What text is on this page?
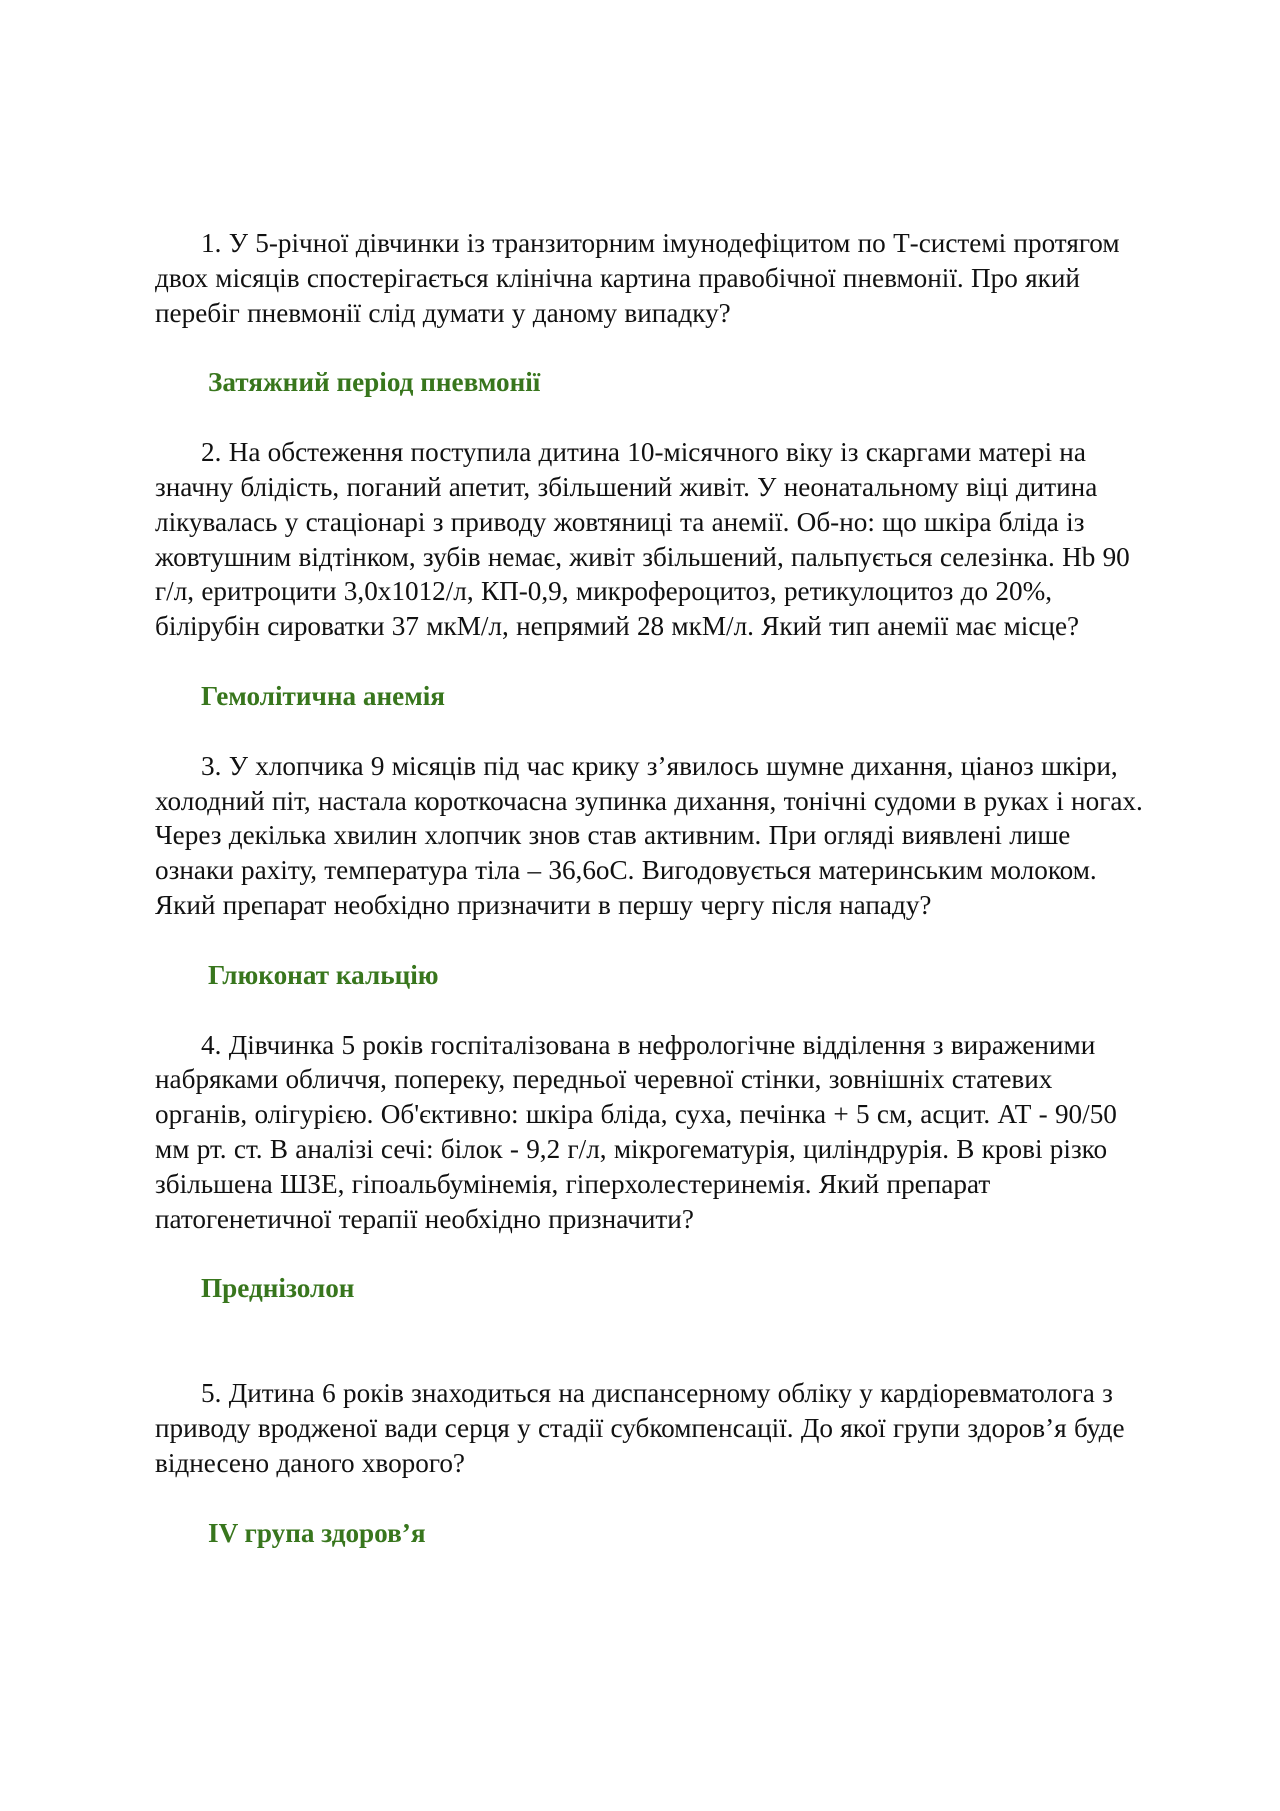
1. У 5-річної дівчинки із транзиторним імунодефіцитом по Т-системі протягом двох місяців спостерігається клінічна картина правобічної пневмонії. Про який перебіг пневмонії слід думати у даному випадку?

Затяжний період пневмонії

2. На обстеження поступила дитина 10-місячного віку із скаргами матері на значну блідість, поганий апетит, збільшений живіт. У неонатальному віці дитина лікувалась у стаціонарі з приводу жовтяниці та анемії. Об-но: що шкіра бліда із жовтушним відтінком, зубів немає, живіт збільшений, пальпується селезінка. Hb 90 г/л, еритроцити 3,0х1012/л, КП-0,9, микрофероцитоз, ретикулоцитоз до 20%, білірубін сироватки 37 мкМ/л, непрямий 28 мкМ/л. Який тип анемії має місце?

Гемолітична анемія

3. У хлопчика 9 місяців під час крику з’явилось шумне дихання, ціаноз шкіри, холодний піт, настала короткочасна зупинка дихання, тонічні судоми в руках і ногах. Через декілька хвилин хлопчик знов став активним. При огляді виявлені лише ознаки рахіту, температура тіла – 36,6оС. Вигодовується материнським молоком. Який препарат необхідно призначити в першу чергу після нападу?

Глюконат кальцію

4. Дівчинка 5 років госпіталізована в нефрологічне відділення з вираженими набряками обличчя, попереку, передньої черевної стінки, зовнішніх статевих органів, олігурією. Об'єктивно: шкіра бліда, суха, печінка + 5 см, асцит. АТ - 90/50 мм рт. ст. В аналізі сечі: білок - 9,2 г/л, мікрогематурія, циліндрурія. В крові різко збільшена ШЗЕ, гіпоальбумінемія, гіперхолестеринемія. Який препарат патогенетичної терапії необхідно призначити?

Преднізолон

5. Дитина 6 років знаходиться на диспансерному обліку у кардіоревматолога з приводу вродженої вади серця у стадії субкомпенсації. До якої групи здоров’я буде віднесено даного хворого?

IV група здоров’я
